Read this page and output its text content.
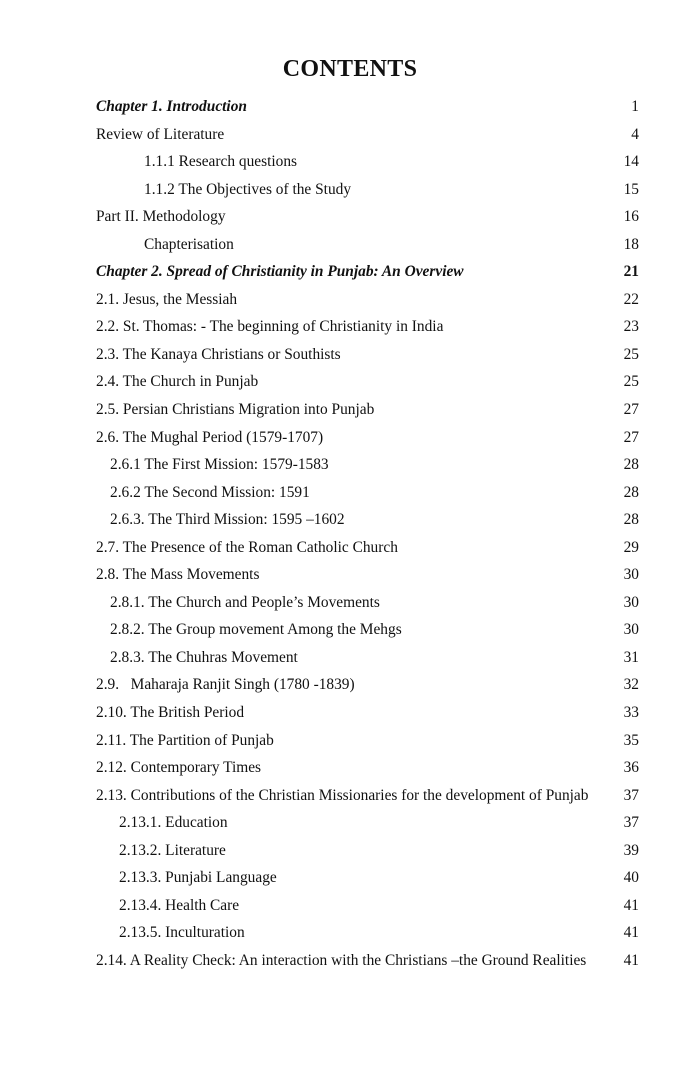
CONTENTS
Chapter 1. Introduction	1
Review of Literature	4
1.1.1 Research questions	14
1.1.2 The Objectives of the Study	15
Part II. Methodology	16
Chapterisation	18
Chapter 2. Spread of Christianity in Punjab: An Overview	21
2.1. Jesus, the Messiah	22
2.2. St. Thomas: - The beginning of Christianity in India	23
2.3. The Kanaya Christians or Southists	25
2.4. The Church in Punjab	25
2.5. Persian Christians Migration into Punjab	27
2.6. The Mughal Period (1579-1707)	27
2.6.1 The First Mission: 1579-1583	28
2.6.2 The Second Mission: 1591	28
2.6.3. The Third Mission: 1595 –1602	28
2.7. The Presence of the Roman Catholic Church	29
2.8. The Mass Movements	30
2.8.1. The Church and People’s Movements	30
2.8.2. The Group movement Among the Mehgs	30
2.8.3. The Chuhras Movement	31
2.9.   Maharaja Ranjit Singh (1780 -1839)	32
2.10. The British Period	33
2.11. The Partition of Punjab	35
2.12. Contemporary Times	36
2.13. Contributions of the Christian Missionaries for the development of Punjab 37
2.13.1. Education	37
2.13.2. Literature	39
2.13.3. Punjabi Language	40
2.13.4. Health Care	41
2.13.5. Inculturation	41
2.14. A Reality Check: An interaction with the Christians –the Ground Realities 41
